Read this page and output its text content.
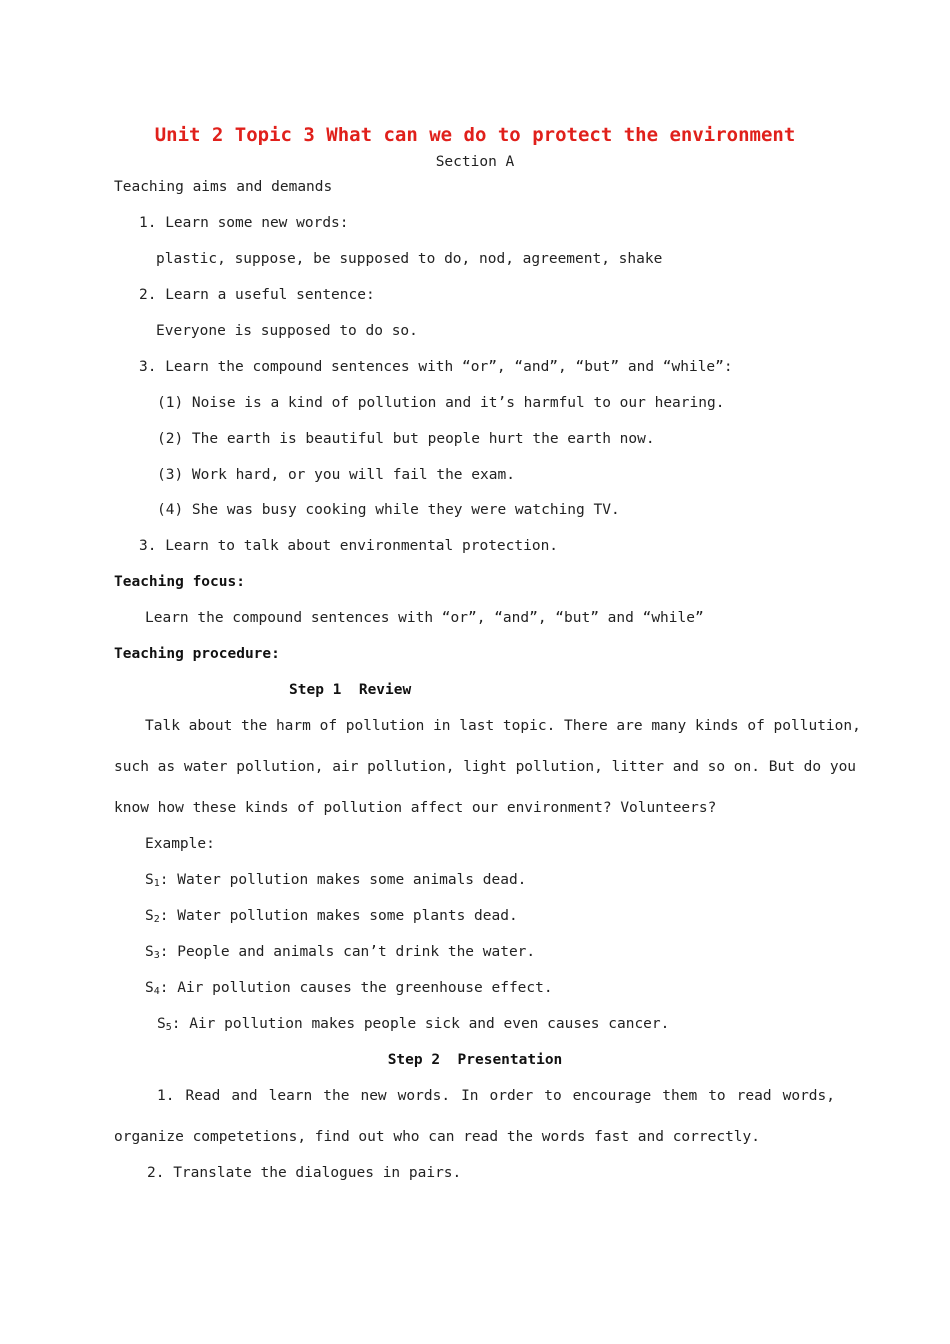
Unit 2 Topic 3 What can we do to protect the environment
Section A
Teaching aims and demands
1. Learn some new words:
plastic, suppose, be supposed to do, nod, agreement, shake
2. Learn a useful sentence:
Everyone is supposed to do so.
3. Learn the compound sentences with “or”, “and”, “but” and “while”:
(1) Noise is a kind of pollution and it’s harmful to our hearing.
(2) The earth is beautiful but people hurt the earth now.
(3) Work hard, or you will fail the exam.
(4) She was busy cooking while they were watching TV.
3. Learn to talk about environmental protection.
Teaching focus:
Learn the compound sentences with “or”, “and”, “but” and “while”
Teaching procedure:
Step 1  Review
Talk about the harm of pollution in last topic. There are many kinds of pollution,
such as water pollution, air pollution, light pollution, litter and so on. But do you
know how these kinds of pollution affect our environment? Volunteers?
Example:
$S_1$: Water pollution makes some animals dead.
$S_2$: Water pollution makes some plants dead.
$S_3$: People and animals can’t drink the water.
$S_4$: Air pollution causes the greenhouse effect.
$S_5$: Air pollution makes people sick and even causes cancer.
Step 2  Presentation
1. Read and learn the new words. In order to encourage them to read words,
organize competetions, find out who can read the words fast and correctly.
2. Translate the dialogues in pairs.
